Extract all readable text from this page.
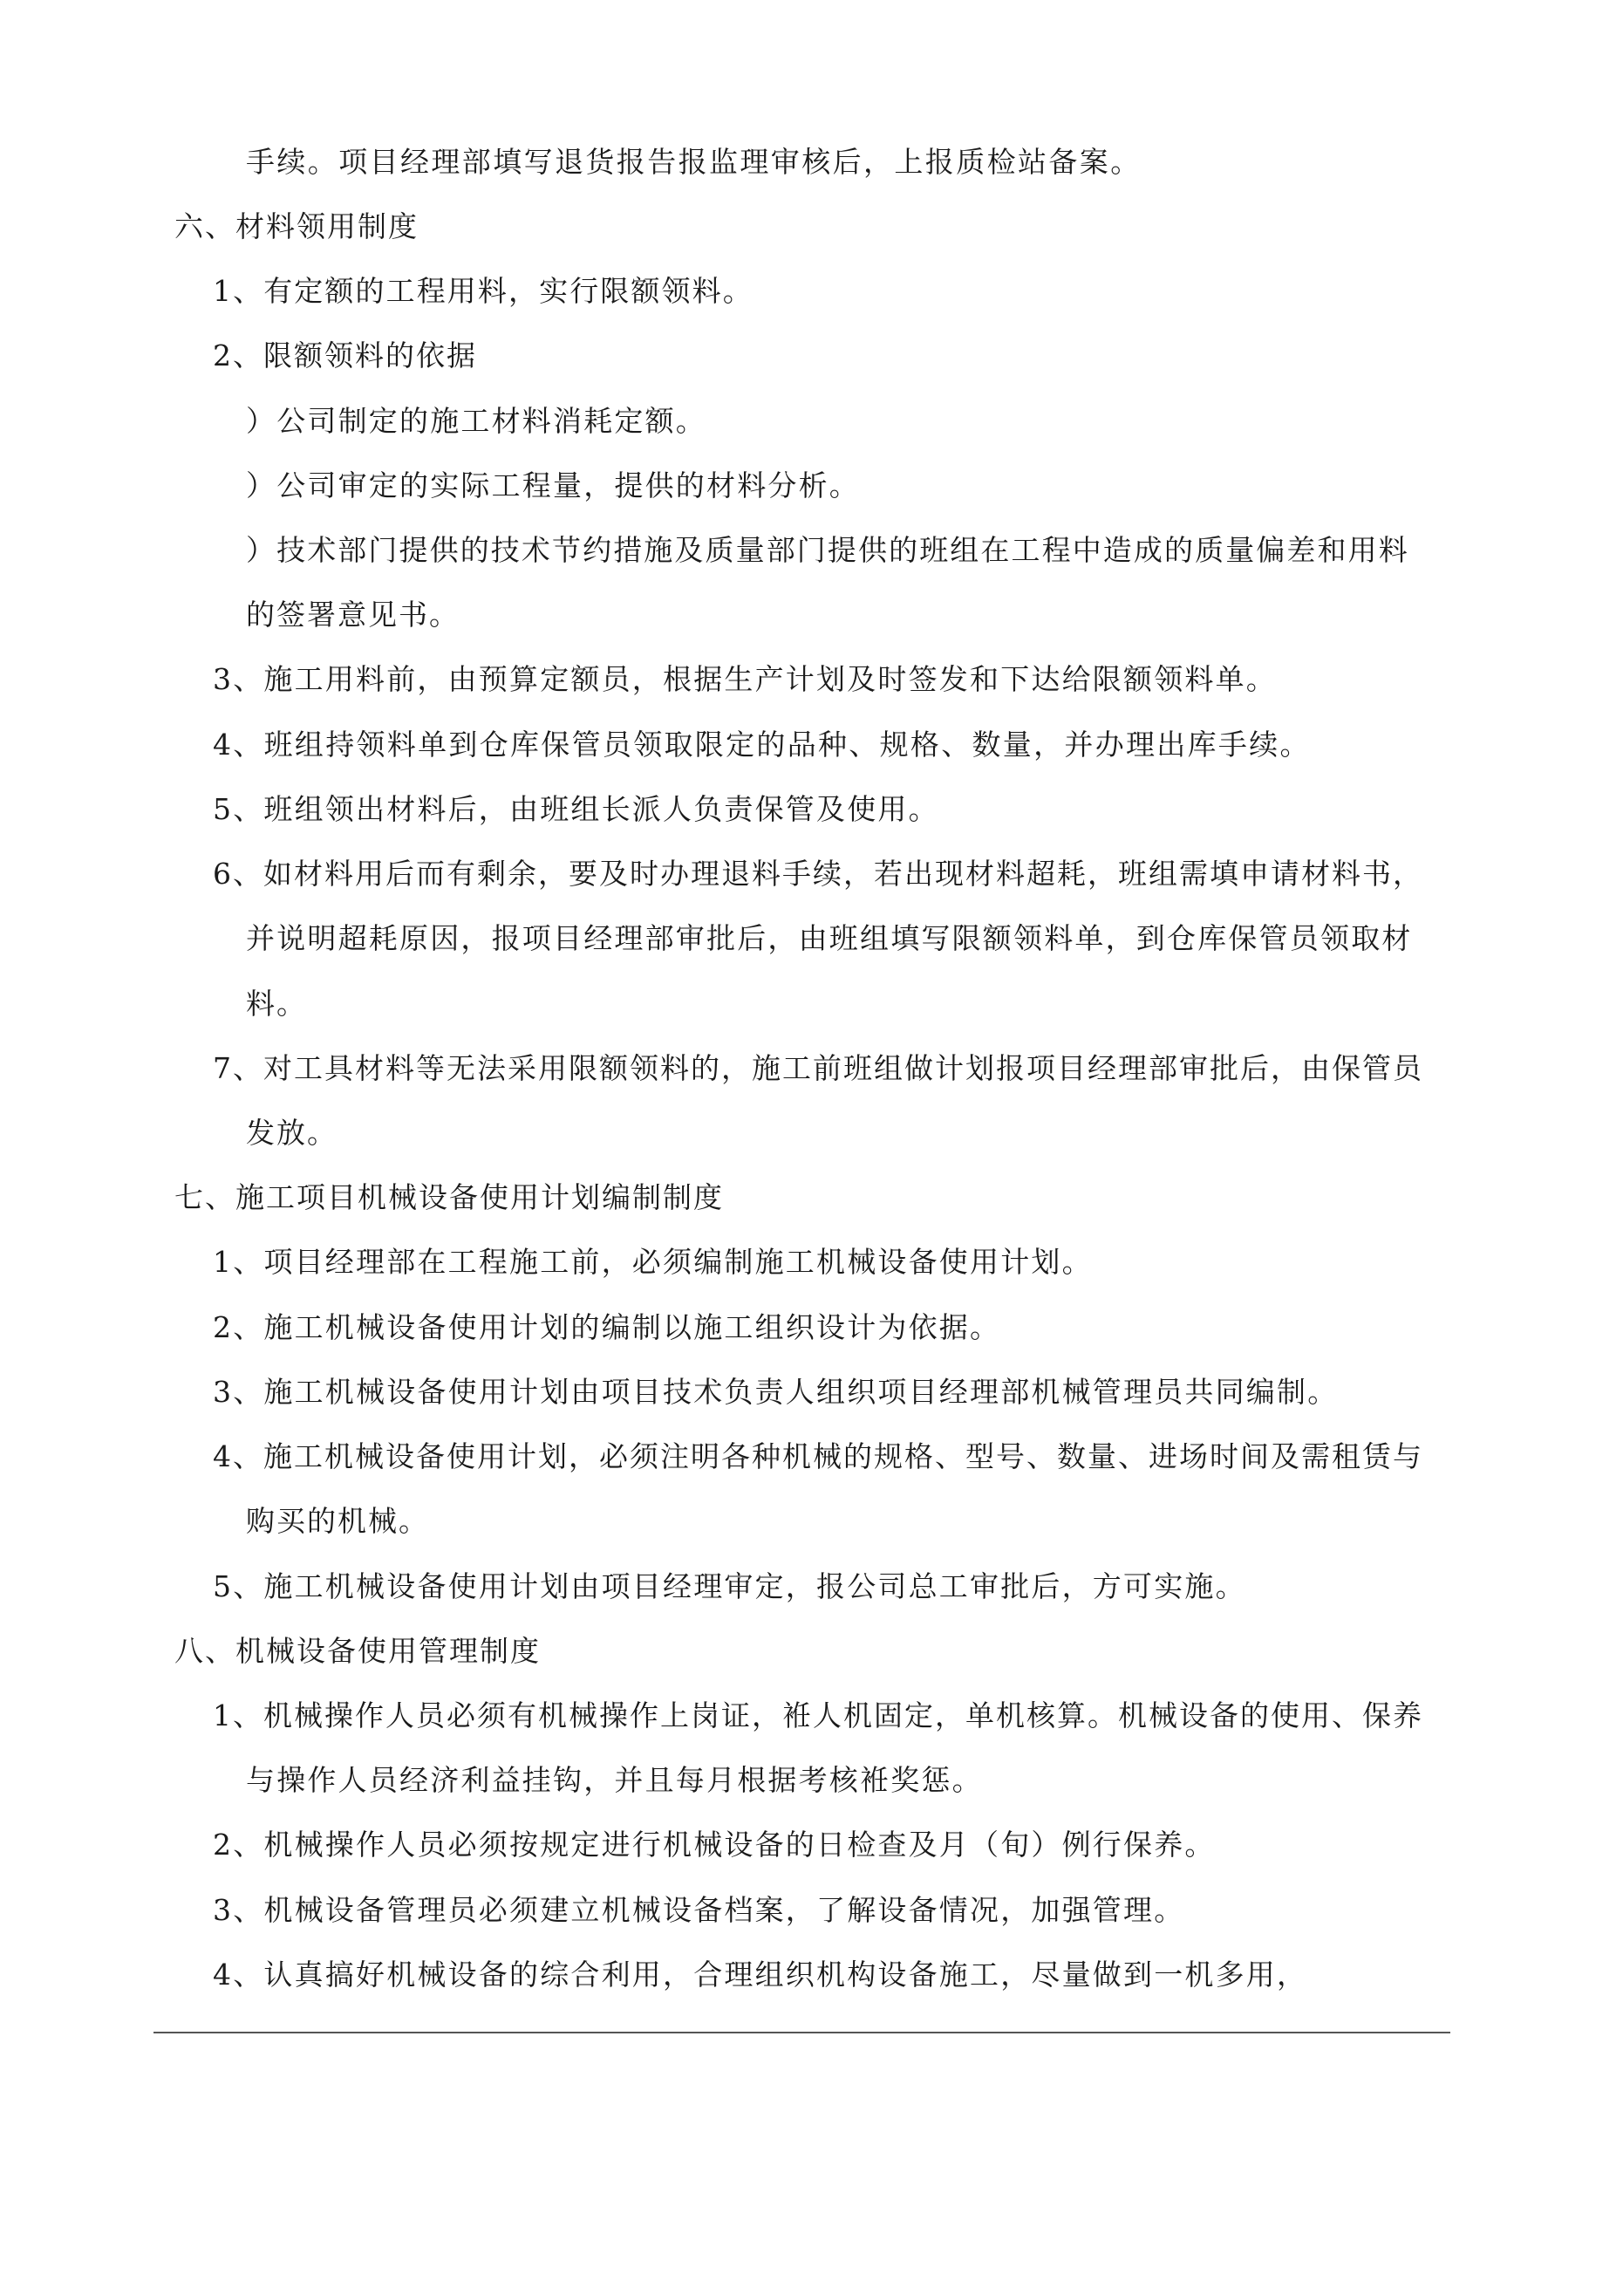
手续。项目经理部填写退货报告报监理审核后，上报质检站备案。
六、材料领用制度
1、有定额的工程用料，实行限额领料。
2、限额领料的依据
）公司制定的施工材料消耗定额。
）公司审定的实际工程量，提供的材料分析。
）技术部门提供的技术节约措施及质量部门提供的班组在工程中造成的质量偏差和用料
的签署意见书。
3、施工用料前，由预算定额员，根据生产计划及时签发和下达给限额领料单。
4、班组持领料单到仓库保管员领取限定的品种、规格、数量，并办理出库手续。
5、班组领出材料后，由班组长派人负责保管及使用。
6、如材料用后而有剩余，要及时办理退料手续，若出现材料超耗，班组需填申请材料书，
并说明超耗原因，报项目经理部审批后，由班组填写限额领料单，到仓库保管员领取材
料。
7、对工具材料等无法采用限额领料的，施工前班组做计划报项目经理部审批后，由保管员
发放。
七、施工项目机械设备使用计划编制制度
1、项目经理部在工程施工前，必须编制施工机械设备使用计划。
2、施工机械设备使用计划的编制以施工组织设计为依据。
3、施工机械设备使用计划由项目技术负责人组织项目经理部机械管理员共同编制。
4、施工机械设备使用计划，必须注明各种机械的规格、型号、数量、进场时间及需租赁与
购买的机械。
5、施工机械设备使用计划由项目经理审定，报公司总工审批后，方可实施。
八、机械设备使用管理制度
1、机械操作人员必须有机械操作上岗证，袵人机固定，单机核算。机械设备的使用、保养
与操作人员经济利益挂钩，并且每月根据考核袵奖惩。
2、机械操作人员必须按规定进行机械设备的日检查及月（旬）例行保养。
3、机械设备管理员必须建立机械设备档案，了解设备情况，加强管理。
4、认真搞好机械设备的综合利用，合理组织机构设备施工，尽量做到一机多用，
